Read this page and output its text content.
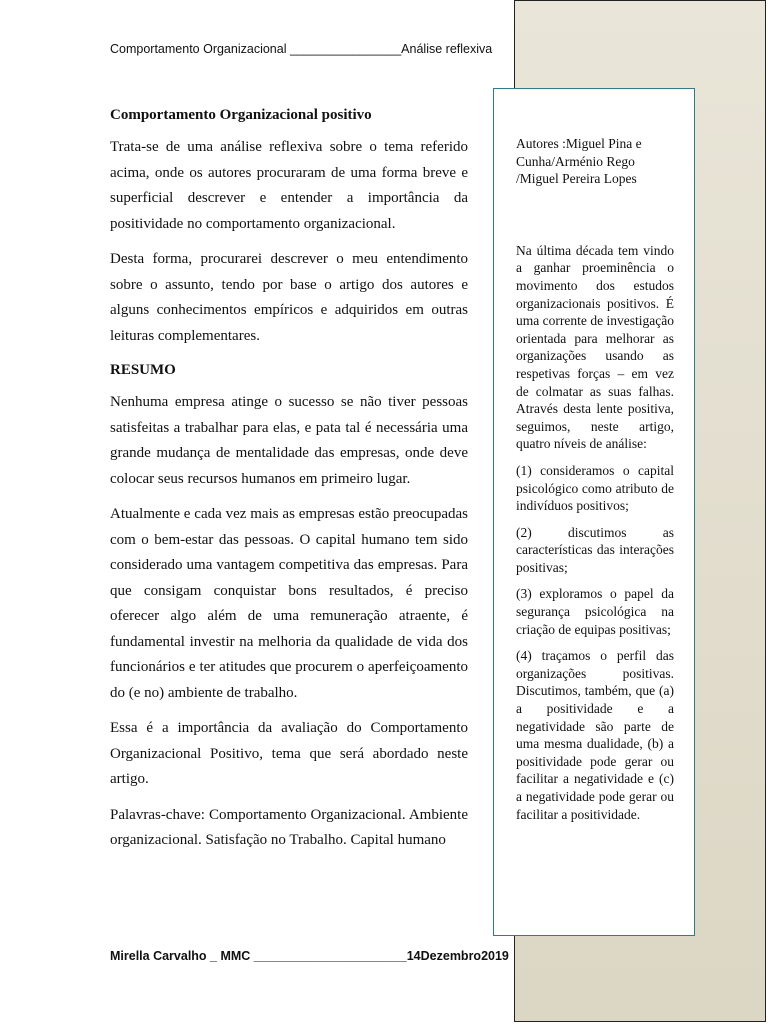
Comportamento Organizacional ________________Análise reflexiva
Comportamento Organizacional positivo

Trata-se de uma análise reflexiva sobre o tema referido acima, onde os autores procuraram de uma forma breve e superficial descrever e entender a importância da positividade no comportamento organizacional.

Desta forma, procurarei descrever o meu entendimento sobre o assunto, tendo por base o artigo dos autores e alguns conhecimentos empíricos e adquiridos em outras leituras complementares.

RESUMO

Nenhuma empresa atinge o sucesso se não tiver pessoas satisfeitas a trabalhar para elas, e pata tal é necessária uma grande mudança de mentalidade das empresas, onde deve colocar seus recursos humanos em primeiro lugar.

Atualmente e cada vez mais as empresas estão preocupadas com o bem-estar das pessoas. O capital humano tem sido considerado uma vantagem competitiva das empresas. Para que consigam conquistar bons resultados, é preciso oferecer algo além de uma remuneração atraente, é fundamental investir na melhoria da qualidade de vida dos funcionários e ter atitudes que procurem o aperfeiçoamento do (e no) ambiente de trabalho.

Essa é a importância da avaliação do Comportamento Organizacional Positivo, tema que será abordado neste artigo.

Palavras-chave: Comportamento Organizacional. Ambiente organizacional. Satisfação no Trabalho. Capital humano

Autores :Miguel Pina e Cunha/Arménio Rego /Miguel Pereira Lopes

Na última década tem vindo a ganhar proeminência o movimento dos estudos organizacionais positivos. É uma corrente de investigação orientada para melhorar as organizações usando as respetivas forças – em vez de colmatar as suas falhas. Através desta lente positiva, seguimos, neste artigo, quatro níveis de análise:

(1) consideramos o capital psicológico como atributo de indivíduos positivos;

(2) discutimos as características das interações positivas;

(3) exploramos o papel da segurança psicológica na criação de equipas positivas;

(4) traçamos o perfil das organizações positivas. Discutimos, também, que (a) a positividade e a negatividade são parte de uma mesma dualidade, (b) a positividade pode gerar ou facilitar a negatividade e (c) a negatividade pode gerar ou facilitar a positividade.

Mirella Carvalho _ MMC ______________________14Dezembro2019
